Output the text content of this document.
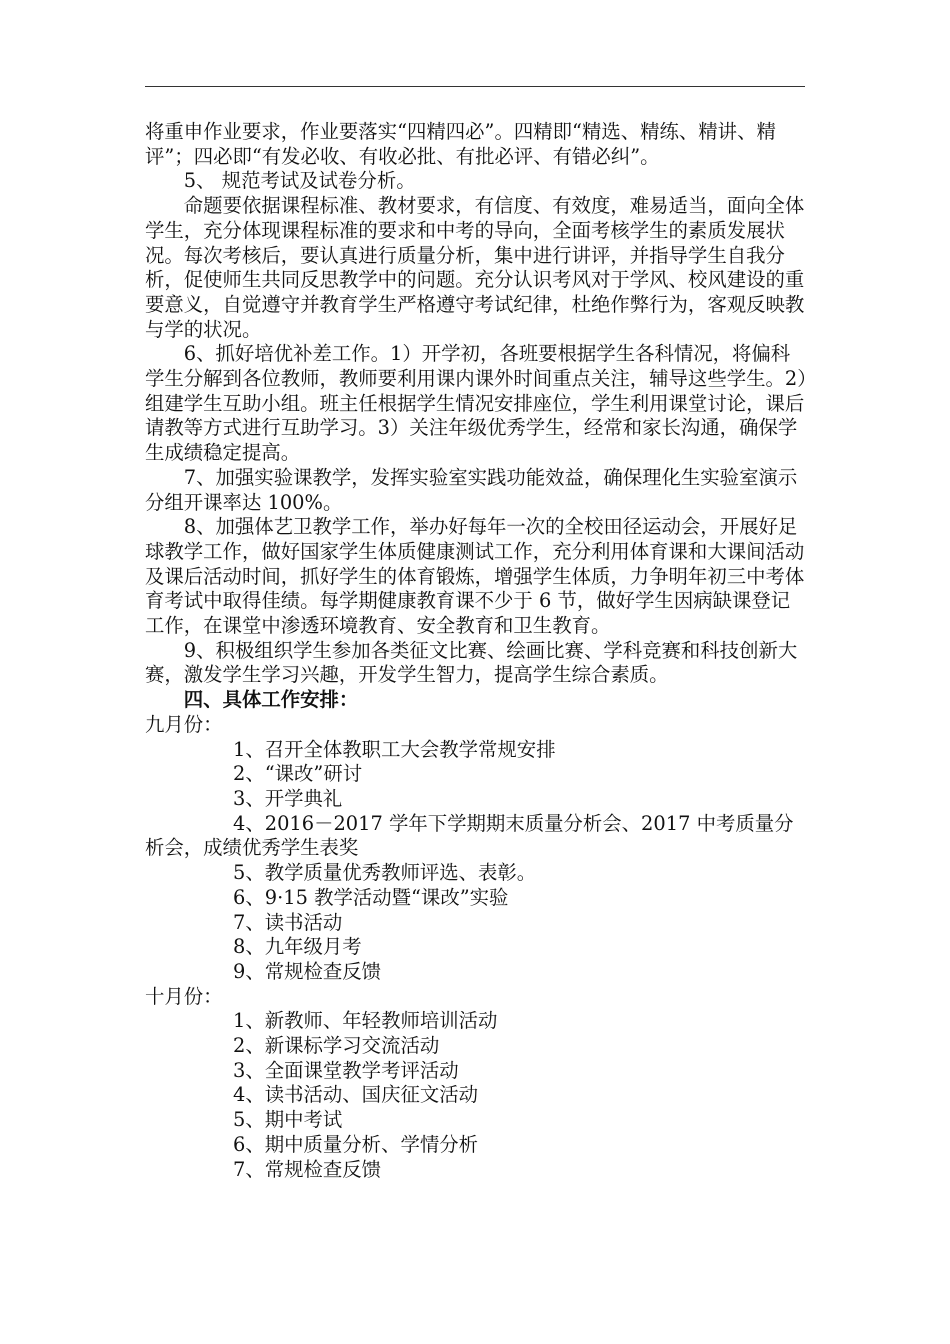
将重申作业要求，作业要落实“四精四必”。四精即“精选、精练、精讲、精评”；四必即“有发必收、有收必批、有批必评、有错必纠”。

5、 规范考试及试卷分析。

命题要依据课程标准、教材要求，有信度、有效度，难易适当，面向全体学生，充分体现课程标准的要求和中考的导向，全面考核学生的素质发展状况。每次考核后，要认真进行质量分析，集中进行讲评，并指导学生自我分析，促使师生共同反思教学中的问题。充分认识考风对于学风、校风建设的重要意义，自觉遵守并教育学生严格遵守考试纪律，杜绝作弊行为，客观反映教与学的状况。

6、抓好培优补差工作。1）开学初，各班要根据学生各科情况，将偏科学生分解到各位教师，教师要利用课内课外时间重点关注，辅导这些学生。2）组建学生互助小组。班主任根据学生情况安排座位，学生利用课堂讨论，课后请教等方式进行互助学习。3）关注年级优秀学生，经常和家长沟通，确保学生成绩稳定提高。

7、加强实验课教学，发挥实验室实践功能效益，确保理化生实验室演示分组开课率达 100%。

8、加强体艺卫教学工作，举办好每年一次的全校田径运动会，开展好足球教学工作，做好国家学生体质健康测试工作，充分利用体育课和大课间活动及课后活动时间，抓好学生的体育锻炼，增强学生体质，力争明年初三中考体育考试中取得佳绩。每学期健康教育课不少于 6 节，做好学生因病缺课登记工作，在课堂中渗透环境教育、安全教育和卫生教育。

9、积极组织学生参加各类征文比赛、绘画比赛、学科竞赛和科技创新大赛，激发学生学习兴趣，开发学生智力，提高学生综合素质。

四、具体工作安排：

九月份：

1、召开全体教职工大会教学常规安排

2、“课改”研讨

3、开学典礼

4、2016－2017 学年下学期期末质量分析会、2017 中考质量分析会，成绩优秀学生表奖

5、教学质量优秀教师评选、表彰。

6、9·15 教学活动暨“课改”实验

7、读书活动

8、九年级月考

9、常规检查反馈

十月份：

1、新教师、年轻教师培训活动

2、新课标学习交流活动

3、全面课堂教学考评活动

4、读书活动、国庆征文活动

5、期中考试

6、期中质量分析、学情分析

7、常规检查反馈
